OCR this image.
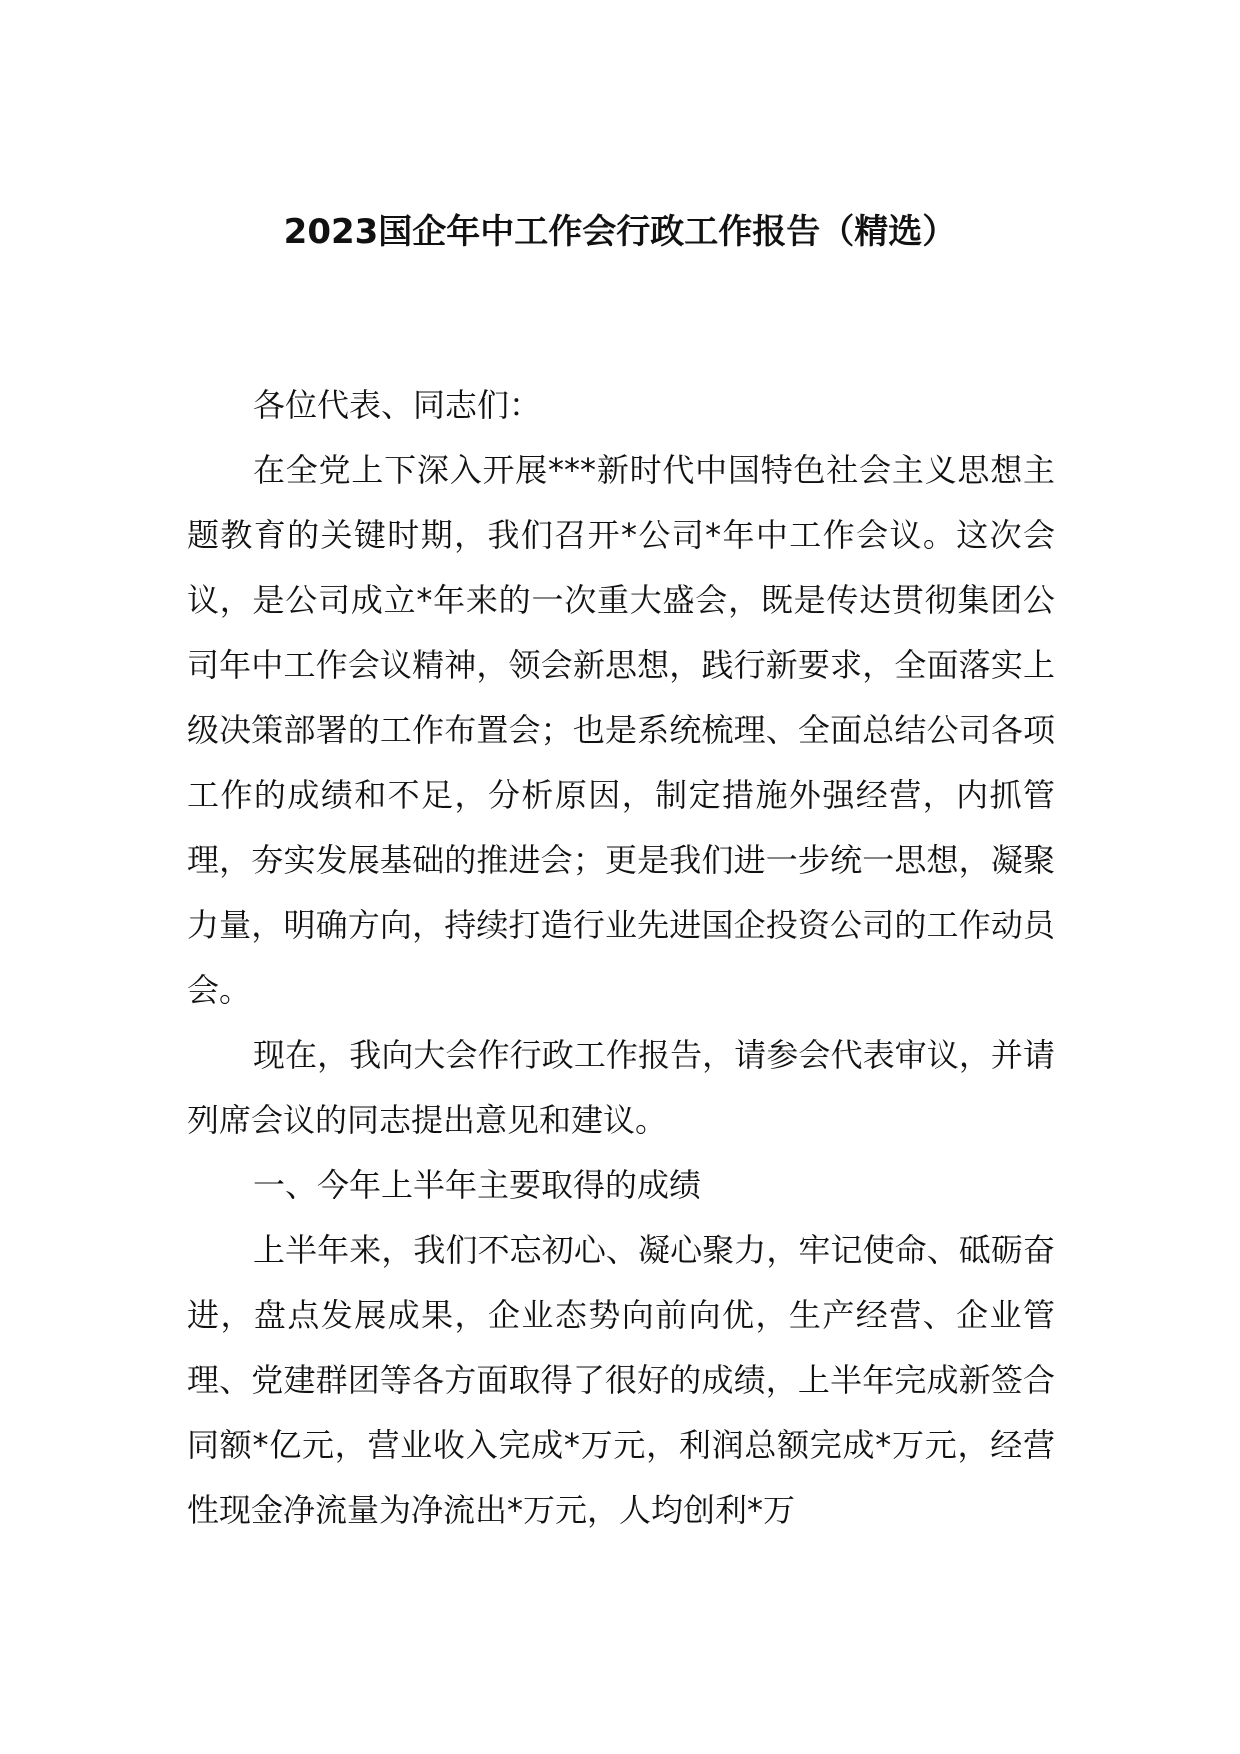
2023国企年中工作会行政工作报告（精选）

各位代表、同志们：

在全党上下深入开展***新时代中国特色社会主义思想主题教育的关键时期，我们召开*公司*年中工作会议。这次会议，是公司成立*年来的一次重大盛会，既是传达贯彻集团公司年中工作会议精神，领会新思想，践行新要求，全面落实上级决策部署的工作布置会；也是系统梳理、全面总结公司各项工作的成绩和不足，分析原因，制定措施外强经营，内抓管理，夯实发展基础的推进会；更是我们进一步统一思想，凝聚力量，明确方向，持续打造行业先进国企投资公司的工作动员会。

现在，我向大会作行政工作报告，请参会代表审议，并请列席会议的同志提出意见和建议。

一、今年上半年主要取得的成绩

上半年来，我们不忘初心、凝心聚力，牢记使命、砥砺奋进，盘点发展成果，企业态势向前向优，生产经营、企业管理、党建群团等各方面取得了很好的成绩，上半年完成新签合同额*亿元，营业收入完成*万元，利润总额完成*万元，经营性现金净流量为净流出*万元，人均创利*万
